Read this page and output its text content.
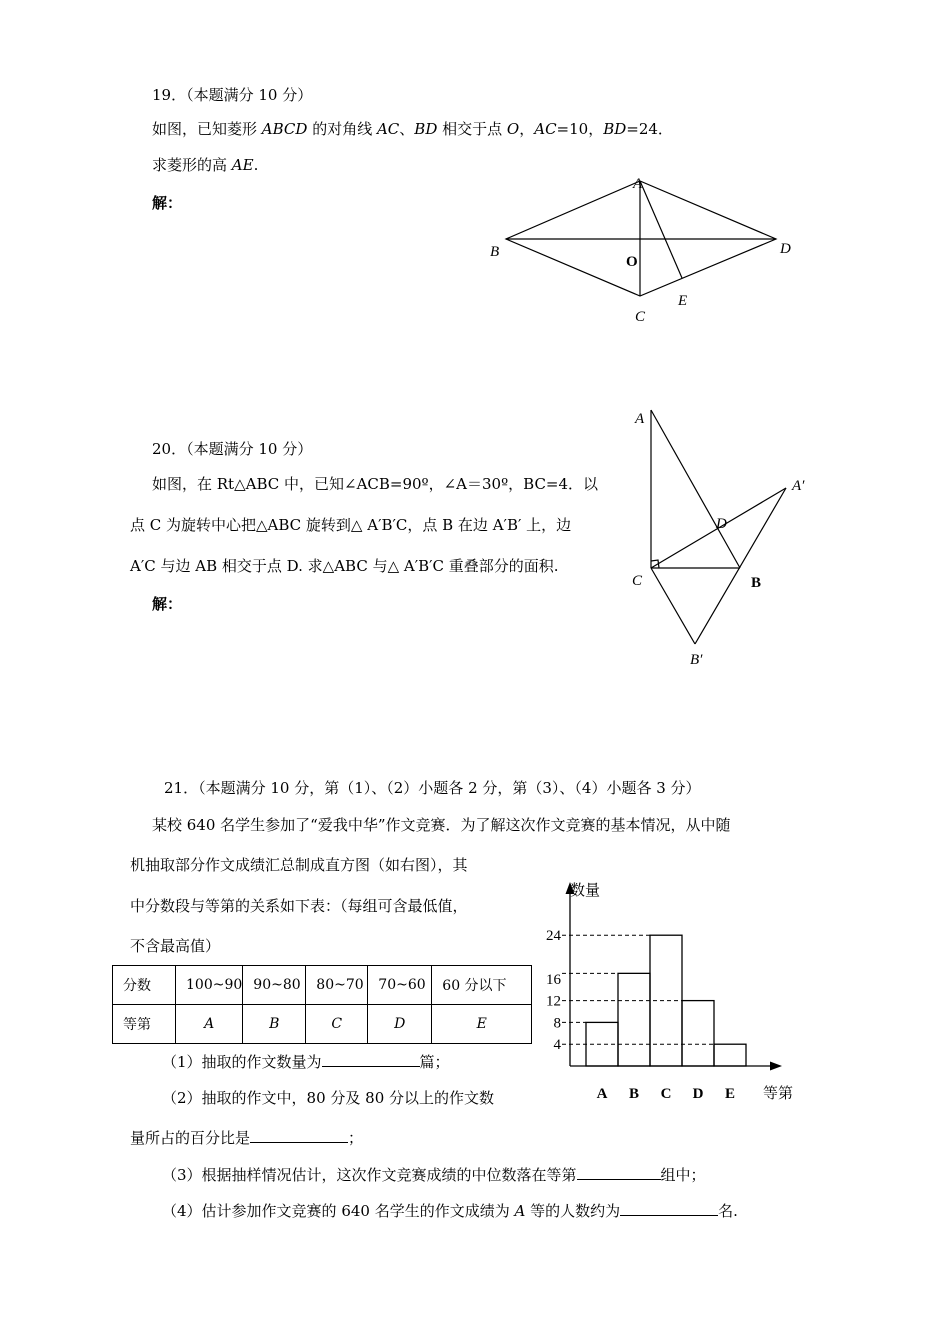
19．（本题满分 10 分）
如图，已知菱形 ABCD 的对角线 AC、BD 相交于点 O，AC=10，BD=24．
求菱形的高 AE.
解：
A
B	D
O
E
C
20．（本题满分 10 分）
如图，在 Rt△ABC 中，已知∠ACB=90º，∠A＝30º，BC=4．以
点 C 为旋转中心把△ABC 旋转到△ A′B′C，点 B 在边 A′B′ 上，边
A′C 与边 AB 相交于点 D. 求△ABC 与△ A′B′C 重叠部分的面积.
解：
A
A′
D
C	B
B′
21．（本题满分 10 分，第（1）、（2）小题各 2 分，第（3）、（4）小题各 3 分）
某校 640 名学生参加了“爱我中华”作文竞赛．为了解这次作文竞赛的基本情况，从中随
机抽取部分作文成绩汇总制成直方图（如右图），其
中分数段与等第的关系如下表：（每组可含最低值，
不含最高值）
分数	100~90	90~80	80~70	70~60	60 分以下
等第	A	B	C	D	E
（1）抽取的作文数量为	篇；
（2）抽取的作文中，80 分及 80 分以上的作文数
量所占的百分比是	；
（3）根据抽样情况估计，这次作文竞赛成绩的中位数落在等第	组中；
（4）估计参加作文竞赛的 640 名学生的作文成绩为 A 等的人数约为	名.
A B C D E
4
8
12
16
24
数量
等第
